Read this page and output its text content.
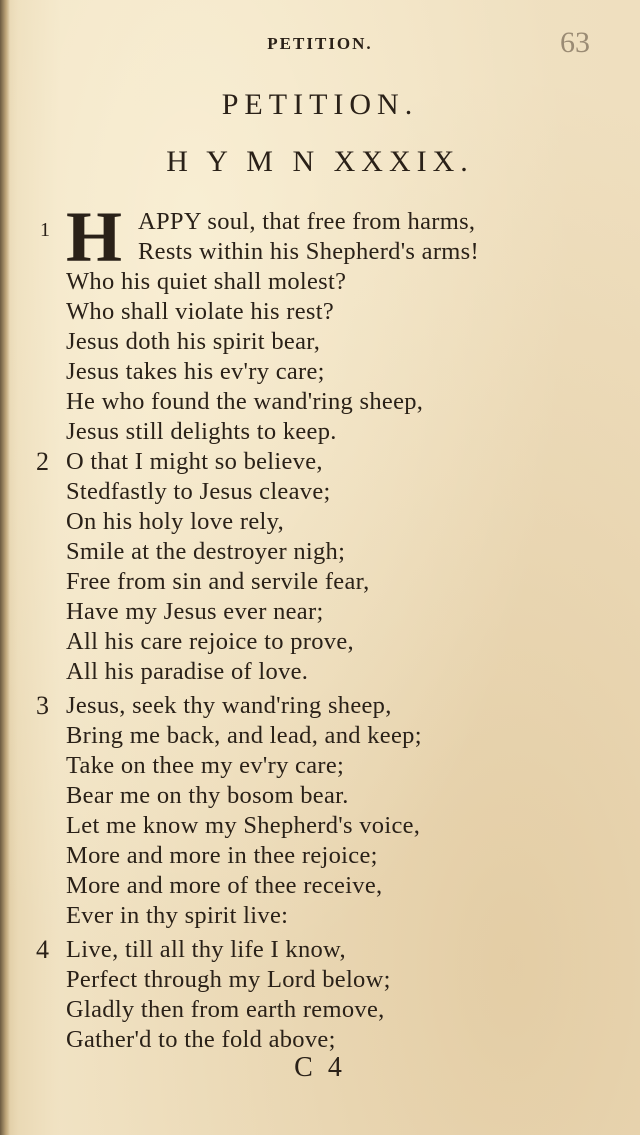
PETITION.	63
PETITION.
H Y M N XXXIX.
1 H APPY soul, that free from harms,
Rests within his Shepherd's arms!
Who his quiet shall molest?
Who shall violate his rest?
Jesus doth his spirit bear,
Jesus takes his ev'ry care;
He who found the wand'ring sheep,
Jesus still delights to keep.
2 O that I might so believe,
Stedfastly to Jesus cleave;
On his holy love rely,
Smile at the destroyer nigh;
Free from sin and servile fear,
Have my Jesus ever near;
All his care rejoice to prove,
All his paradise of love.
3 Jesus, seek thy wand'ring sheep,
Bring me back, and lead, and keep;
Take on thee my ev'ry care;
Bear me on thy bosom bear.
Let me know my Shepherd's voice,
More and more in thee rejoice;
More and more of thee receive,
Ever in thy spirit live:
4 Live, till all thy life I know,
Perfect through my Lord below;
Gladly then from earth remove,
Gather'd to the fold above;
C 4
